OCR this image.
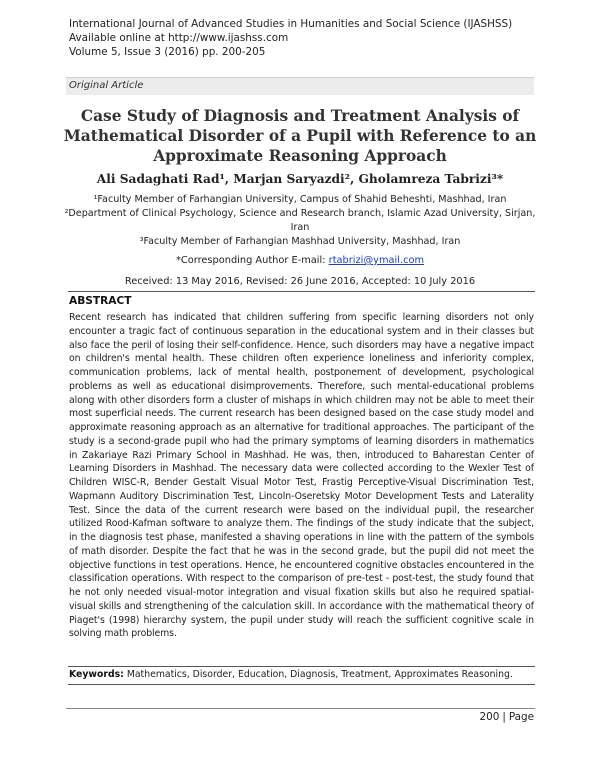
International Journal of Advanced Studies in Humanities and Social Science (IJASHSS)
Available online at http://www.ijashss.com
Volume 5, Issue 3 (2016) pp. 200-205
Original Article
Case Study of Diagnosis and Treatment Analysis of Mathematical Disorder of a Pupil with Reference to an Approximate Reasoning Approach
Ali Sadaghati Rad¹, Marjan Saryazdi², Gholamreza Tabrizi³*
¹Faculty Member of Farhangian University, Campus of Shahid Beheshti, Mashhad, Iran
²Department of Clinical Psychology, Science and Research branch, Islamic Azad University, Sirjan, Iran
³Faculty Member of Farhangian Mashhad University, Mashhad, Iran
*Corresponding Author E-mail: rtabrizi@ymail.com
Received: 13 May 2016, Revised: 26 June 2016, Accepted: 10 July 2016
ABSTRACT
Recent research has indicated that children suffering from specific learning disorders not only encounter a tragic fact of continuous separation in the educational system and in their classes but also face the peril of losing their self-confidence. Hence, such disorders may have a negative impact on children's mental health. These children often experience loneliness and inferiority complex, communication problems, lack of mental health, postponement of development, psychological problems as well as educational disimprovements. Therefore, such mental-educational problems along with other disorders form a cluster of mishaps in which children may not be able to meet their most superficial needs. The current research has been designed based on the case study model and approximate reasoning approach as an alternative for traditional approaches. The participant of the study is a second-grade pupil who had the primary symptoms of learning disorders in mathematics in Zakariaye Razi Primary School in Mashhad. He was, then, introduced to Baharestan Center of Learning Disorders in Mashhad. The necessary data were collected according to the Wexler Test of Children WISC-R, Bender Gestalt Visual Motor Test, Frastig Perceptive-Visual Discrimination Test, Wapmann Auditory Discrimination Test, Lincoln-Oseretsky Motor Development Tests and Laterality Test. Since the data of the current research were based on the individual pupil, the researcher utilized Rood-Kafman software to analyze them. The findings of the study indicate that the subject, in the diagnosis test phase, manifested a shaving operations in line with the pattern of the symbols of math disorder. Despite the fact that he was in the second grade, but the pupil did not meet the objective functions in test operations. Hence, he encountered cognitive obstacles encountered in the classification operations. With respect to the comparison of pre-test - post-test, the study found that he not only needed visual-motor integration and visual fixation skills but also he required spatial-visual skills and strengthening of the calculation skill. In accordance with the mathematical theory of Piaget's (1998) hierarchy system, the pupil under study will reach the sufficient cognitive scale in solving math problems.
Keywords: Mathematics, Disorder, Education, Diagnosis, Treatment, Approximates Reasoning.
200 | Page
